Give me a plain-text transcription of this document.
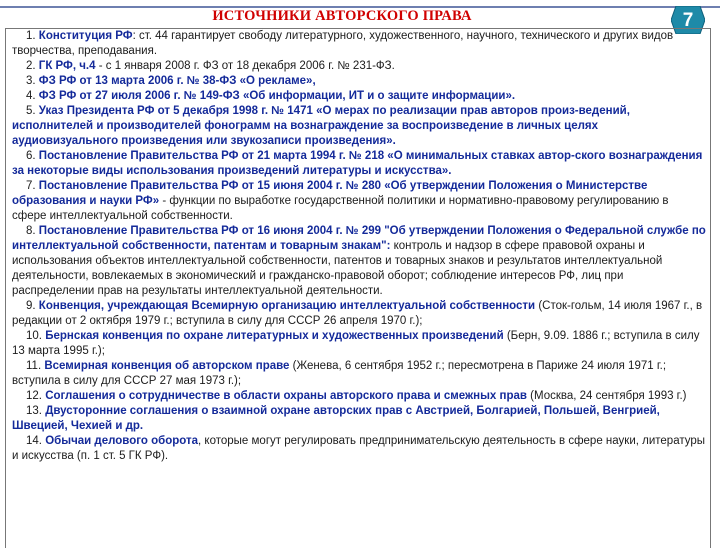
ИСТОЧНИКИ АВТОРСКОГО ПРАВА	7

1. Конституция РФ: ст. 44 гарантирует свободу литературного, художественного, научного, технического и других видов творчества, преподавания.

2. ГК РФ, ч.4 - с 1 января 2008 г. ФЗ от 18 декабря 2006 г. № 231-ФЗ.

3. ФЗ РФ от 13 марта 2006 г. № 38-ФЗ «О рекламе»,

4. ФЗ РФ от 27 июля 2006 г. № 149-ФЗ «Об информации, ИТ и о защите информации».

5. Указ Президента РФ от 5 декабря 1998 г. № 1471 «О мерах по реализации прав авторов произ-ведений, исполнителей и производителей фонограмм на вознаграждение за воспроизведение в личных целях аудиовизуального произведения или звукозаписи произведения».

6. Постановление Правительства РФ от 21 марта 1994 г. № 218 «О минимальных ставках автор-ского вознаграждения за некоторые виды использования произведений литературы и искусства».

7. Постановление Правительства РФ от 15 июня 2004 г. № 280 «Об утверждении Положения о Министерстве образования и науки РФ» - функции по выработке государственной политики и нормативно-правовому регулированию в сфере интеллектуальной собственности.

8. Постановление Правительства РФ от 16 июня 2004 г. № 299 "Об утверждении Положения о Федеральной службе по интеллектуальной собственности, патентам и товарным знакам": контроль и надзор в сфере правовой охраны и использования объектов интеллектуальной собственности, патентов и товарных знаков и результатов интеллектуальной деятельности, вовлекаемых в экономический и гражданско-правовой оборот; соблюдение интересов РФ, лиц при распределении прав на результаты интеллектуальной деятельности.

9. Конвенция, учреждающая Всемирную организацию интеллектуальной собственности (Сток-гольм, 14 июля 1967 г., в редакции от 2 октября 1979 г.; вступила в силу для СССР 26 апреля 1970 г.);

10. Бернская конвенция по охране литературных и художественных произведений (Берн, 9.09. 1886 г.; вступила в силу 13 марта 1995 г.);

11. Всемирная конвенция об авторском праве (Женева, 6 сентября 1952 г.; пересмотрена в Париже 24 июля 1971 г.; вступила в силу для СССР 27 мая 1973 г.);

12. Соглашения о сотрудничестве в области охраны авторского права и смежных прав (Москва, 24 сентября 1993 г.)

13. Двусторонние соглашения о взаимной охране авторских прав с Австрией, Болгарией, Польшей, Венгрией, Швецией, Чехией и др.

14. Обычаи делового оборота, которые могут регулировать предпринимательскую деятельность в сфере науки, литературы и искусства (п. 1 ст. 5 ГК РФ).
